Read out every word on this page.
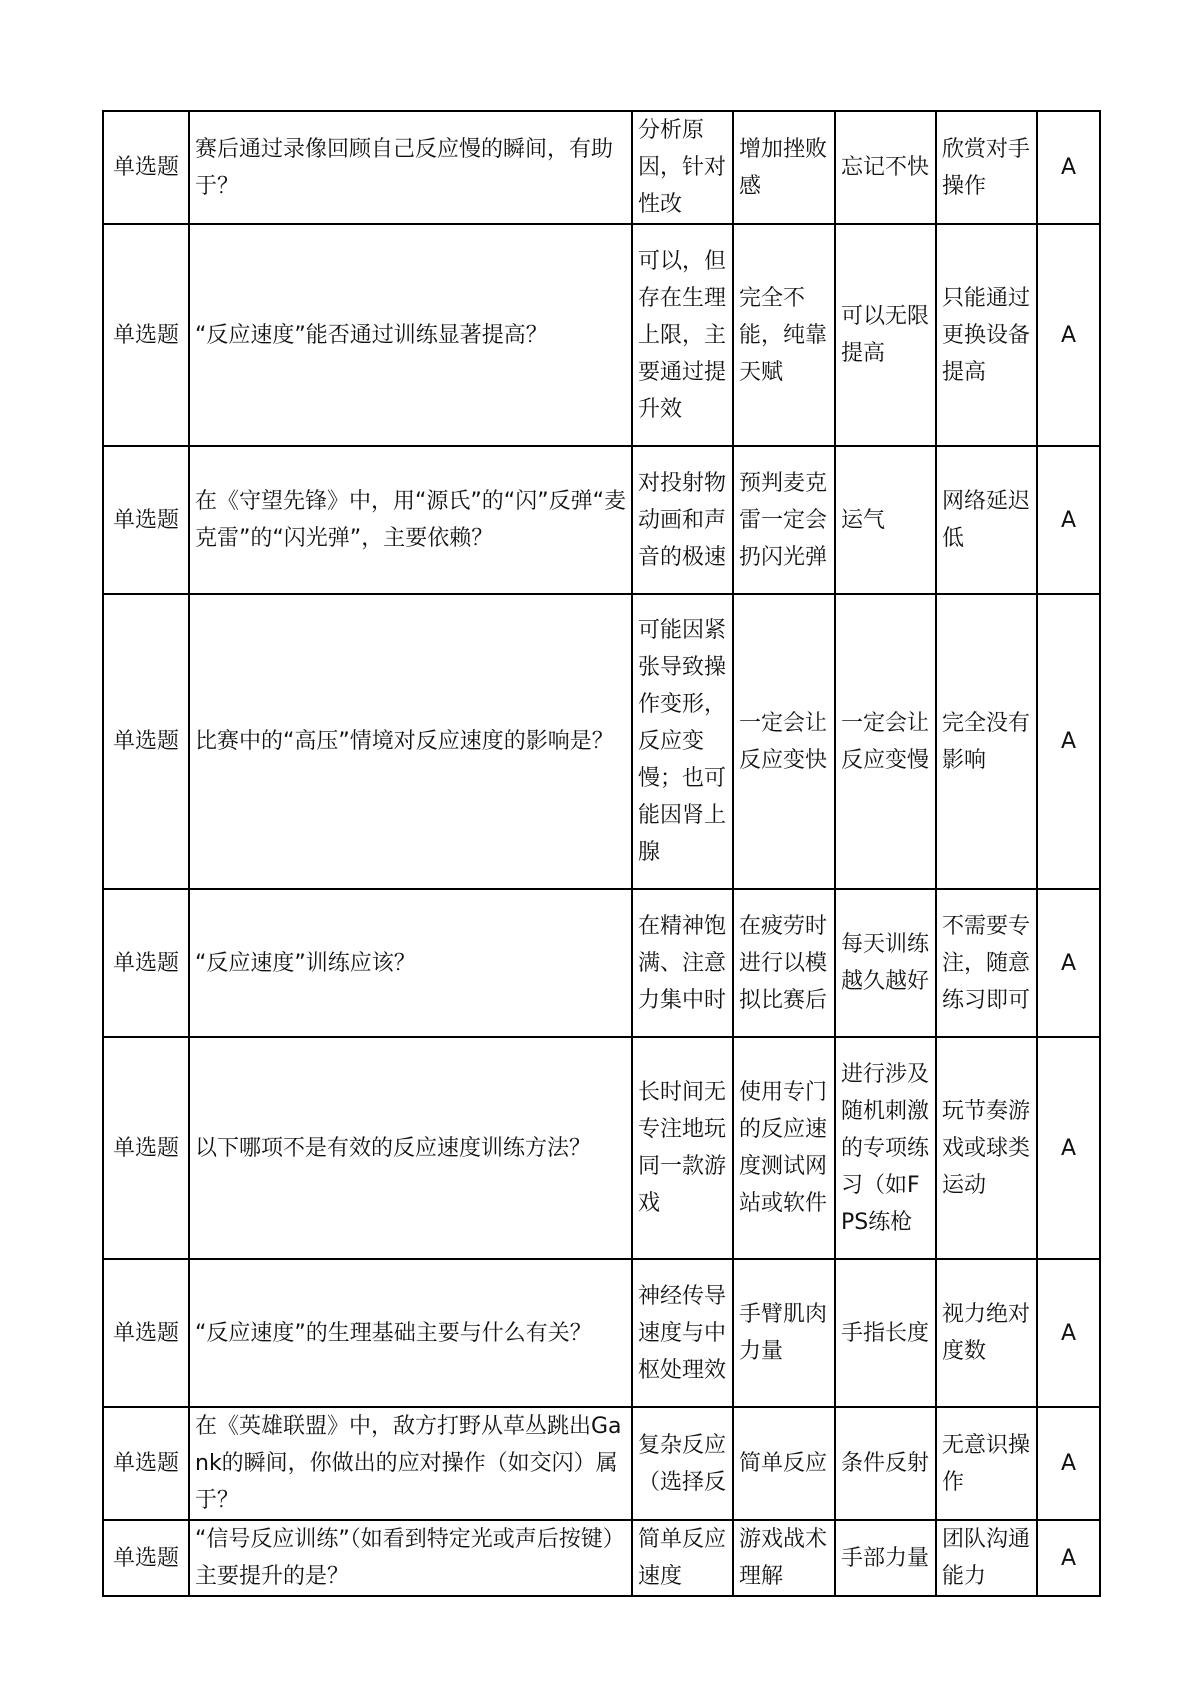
单选题	赛后通过录像回顾自己反应慢的瞬间，有助于？	分析原因，针对性改	增加挫败感	忘记不快	欣赏对手操作	A
单选题	“反应速度”能否通过训练显著提高？	可以，但存在生理上限，主要通过提升效	完全不能，纯靠天赋	可以无限提高	只能通过更换设备提高	A
单选题	在《守望先锋》中，用“源氏”的“闪”反弹“麦克雷”的“闪光弹”，主要依赖？	对投射物动画和声音的极速	预判麦克雷一定会扔闪光弹	运气	网络延迟低	A
单选题	比赛中的“高压”情境对反应速度的影响是？	可能因紧张导致操作变形，反应变慢；也可能因肾上腺	一定会让反应变快	一定会让反应变慢	完全没有影响	A
单选题	“反应速度”训练应该？	在精神饱满、注意力集中时	在疲劳时进行以模拟比赛后	每天训练越久越好	不需要专注，随意练习即可	A
单选题	以下哪项不是有效的反应速度训练方法？	长时间无专注地玩同一款游戏	使用专门的反应速度测试网站或软件	进行涉及随机刺激的专项练习（如FPS练枪	玩节奏游戏或球类运动	A
单选题	“反应速度”的生理基础主要与什么有关？	神经传导速度与中枢处理效	手臂肌肉力量	手指长度	视力绝对度数	A
单选题	在《英雄联盟》中，敌方打野从草丛跳出Gank的瞬间，你做出的应对操作（如交闪）属于？	复杂反应（选择反	简单反应	条件反射	无意识操作	A
单选题	“信号反应训练”（如看到特定光或声后按键）主要提升的是？	简单反应速度	游戏战术理解	手部力量	团队沟通能力	A
